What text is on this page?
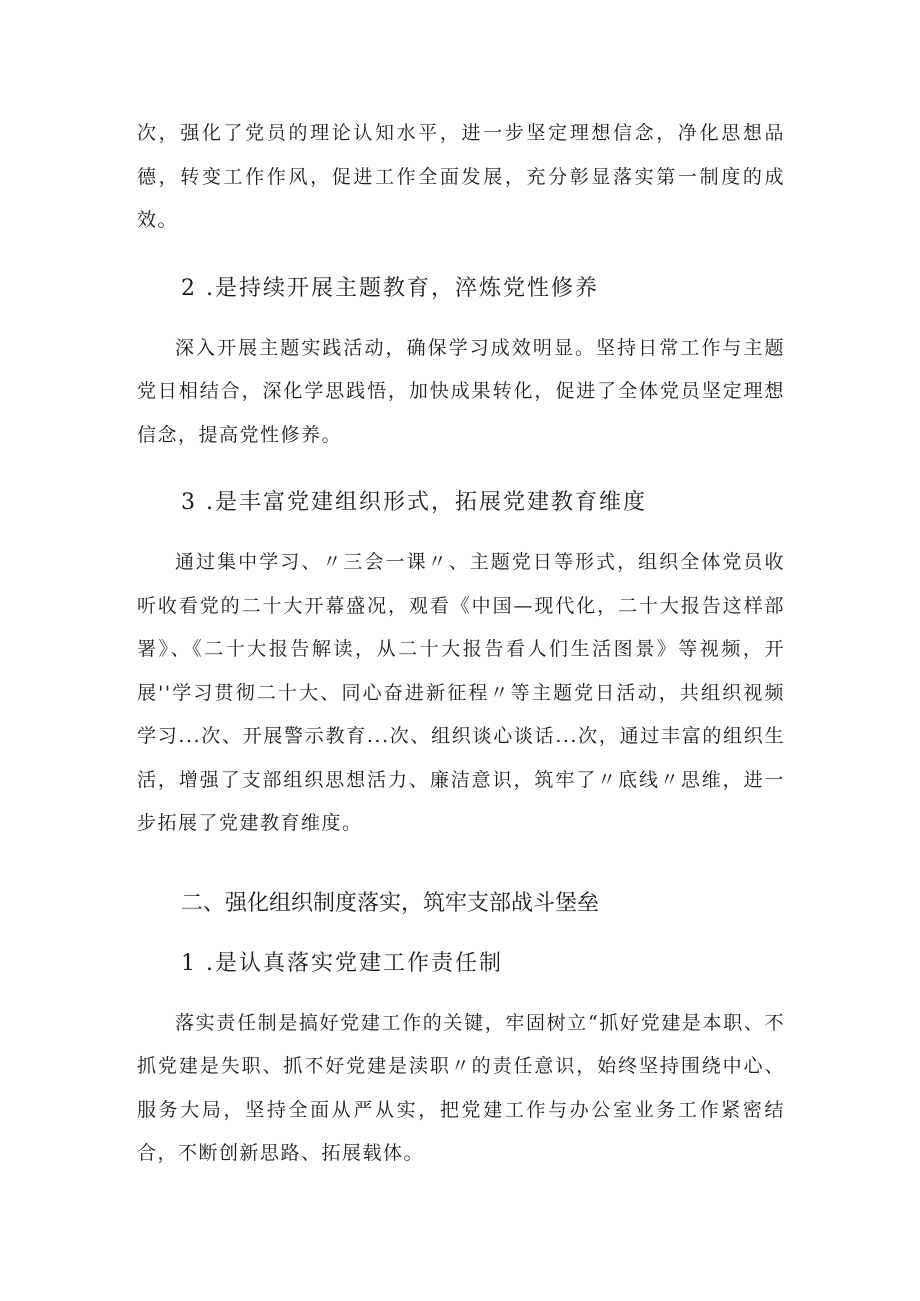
次，强化了党员的理论认知水平，进一步坚定理想信念，净化思想品德，转变工作作风，促进工作全面发展，充分彰显落实第一制度的成效。

2 .是持续开展主题教育，淬炼党性修养

深入开展主题实践活动，确保学习成效明显。坚持日常工作与主题党日相结合，深化学思践悟，加快成果转化，促进了全体党员坚定理想信念，提高党性修养。

3 .是丰富党建组织形式，拓展党建教育维度

通过集中学习、〃三会一课〃、主题党日等形式，组织全体党员收听收看党的二十大开幕盛况，观看《中国—现代化，二十大报告这样部署》、《二十大报告解读，从二十大报告看人们生活图景》等视频，开展''学习贯彻二十大、同心奋进新征程〃等主题党日活动，共组织视频学习...次、开展警示教育...次、组织谈心谈话...次，通过丰富的组织生活，增强了支部组织思想活力、廉洁意识，筑牢了〃底线〃思维，进一步拓展了党建教育维度。

二、强化组织制度落实，筑牢支部战斗堡垒
1 .是认真落实党建工作责任制

落实责任制是搞好党建工作的关键，牢固树立“抓好党建是本职、不抓党建是失职、抓不好党建是渎职〃的责任意识，始终坚持围绕中心、服务大局，坚持全面从严从实，把党建工作与办公室业务工作紧密结合，不断创新思路、拓展载体。
